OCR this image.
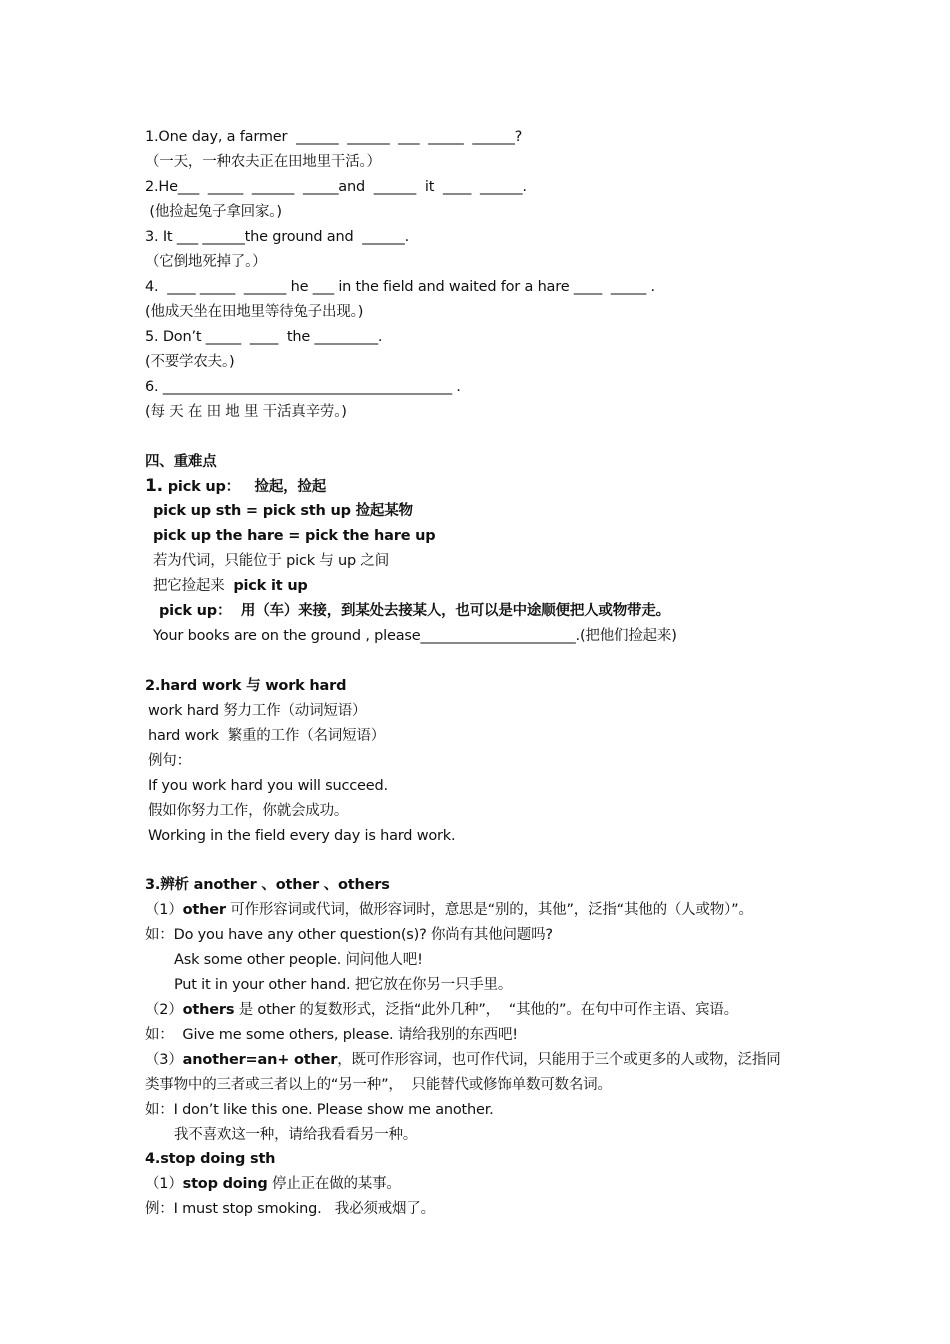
1.One day, a farmer  ______  ______  ___  _____  ______?
（一天，一种农夫正在田地里干活。）
2.He___  _____  ______  _____and  ______  it  ____  ______.
(他捡起兔子拿回家。)
3. It ___ ______the ground and  ______.
（它倒地死掉了。）
4.  ____ _____  ______ he ___ in the field and waited for a hare ____  _____ .
(他成天坐在田地里等待兔子出现。)
5. Don’t _____  ____  the _________.
(不要学农夫。)
6. _________________________________________ .
(每 天 在 田 地 里 干活真辛劳。)
四、重难点
1. pick up：   捡起，捡起
pick up sth = pick sth up 捡起某物
pick up the hare = pick the hare up
若为代词，只能位于 pick 与 up 之间
把它捡起来  pick it up
pick up：  用（车）来接，到某处去接某人，也可以是中途顺便把人或物带走。
Your books are on the ground , please______________________.(把他们捡起来)
2.hard work 与 work hard
work hard 努力工作（动词短语）
hard work  繁重的工作（名词短语）
例句：
If you work hard you will succeed.
假如你努力工作，你就会成功。
Working in the field every day is hard work.
3.辨析 another 、other 、others
（1）other 可作形容词或代词，做形容词时，意思是“别的，其他”，泛指“其他的（人或物）”。
如：Do you have any other question(s)? 你尚有其他问题吗?
Ask some other people. 问问他人吧!
Put it in your other hand. 把它放在你另一只手里。
（2）others 是 other 的复数形式，泛指“此外几种”，  “其他的”。在句中可作主语、宾语。
如：  Give me some others, please. 请给我别的东西吧!
（3）another=an+ other，既可作形容词，也可作代词，只能用于三个或更多的人或物，泛指同
类事物中的三者或三者以上的“另一种”，  只能替代或修饰单数可数名词。
如：I don’t like this one. Please show me another.
我不喜欢这一种，请给我看看另一种。
4.stop doing sth
（1）stop doing 停止正在做的某事。
例：I must stop smoking.   我必须戒烟了。
